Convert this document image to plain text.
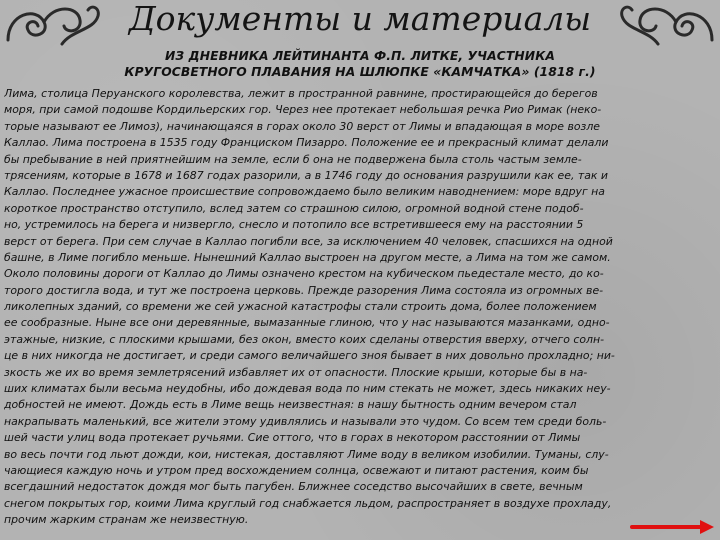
Документы и материалы
ИЗ ДНЕВНИКА ЛЕЙТИНАНТА Ф.П. ЛИТКЕ, УЧАСТНИКА
КРУГОСВЕТНОГО ПЛАВАНИЯ НА ШЛЮПКЕ «КАМЧАТКА» (1818 г.)
Лима, столица Перуанского королевства, лежит в пространной равнине, простирающейся до берегов
моря, при самой подошве Кордильерских гор. Через нее протекает небольшая речка Рио Римак (неко-
торые называют ее Лимоз), начинающаяся в горах около 30 верст от Лимы и впадающая в море возле
Каллао. Лима построена в 1535 году Франциском Пизарро. Положение ее и прекрасный климат делали
бы пребывание в ней приятнейшим на земле, если б она не подвержена была столь частым земле-
трясениям, которые в 1678 и 1687 годах разорили, а в 1746 году до основания разрушили как ее, так и
Каллао. Последнее ужасное происшествие сопровождаемо было великим наводнением: море вдруг на
короткое пространство отступило, вслед затем со страшною силою, огромной водной стене подоб-
но, устремилось на берега и низвергло, снесло и потопило все встретившееся ему на расстоянии 5
верст от берега. При сем случае в Каллао погибли все, за исключением 40 человек, спасшихся на одной
башне, в Лиме погибло меньше. Нынешний Каллао выстроен на другом месте, а Лима на том же самом.
Около половины дороги от Каллао до Лимы означено крестом на кубическом пьедестале место, до ко-
торого достигла вода, и тут же построена церковь. Прежде разорения Лима состояла из огромных ве-
ликолепных зданий, со времени же сей ужасной катастрофы стали строить дома, более положением
ее сообразные. Ныне все они деревянные, вымазанные глиною, что у нас называются мазанками, одно-
этажные, низкие, с плоскими крышами, без окон, вместо коих сделаны отверстия вверху, отчего солн-
це в них никогда не достигает, и среди самого величайшего зноя бывает в них довольно прохладно; ни-
зкость же их во время землетрясений избавляет их от опасности. Плоские крыши, которые бы в на-
ших климатах были весьма неудобны, ибо дождевая вода по ним стекать не может, здесь никаких неу-
добностей не имеют. Дождь есть в Лиме вещь неизвестная: в нашу бытность одним вечером стал
накрапывать маленький, все жители этому удивлялись и называли это чудом. Со всем тем среди боль-
шей части улиц вода протекает ручьями. Сие оттого, что в горах в некотором расстоянии от Лимы
во весь почти год льют дожди, кои, нистекая, доставляют Лиме воду в великом изобилии. Туманы, слу-
чающиеся каждую ночь и утром пред восхождением солнца, освежают и питают растения, коим бы
всегдашний недостаток дождя мог быть пагубен. Ближнее соседство высочайших в свете, вечным
снегом покрытых гор, коими Лима круглый год снабжается льдом, распространяет в воздухе прохладу,
прочим жарким странам же неизвестную.
